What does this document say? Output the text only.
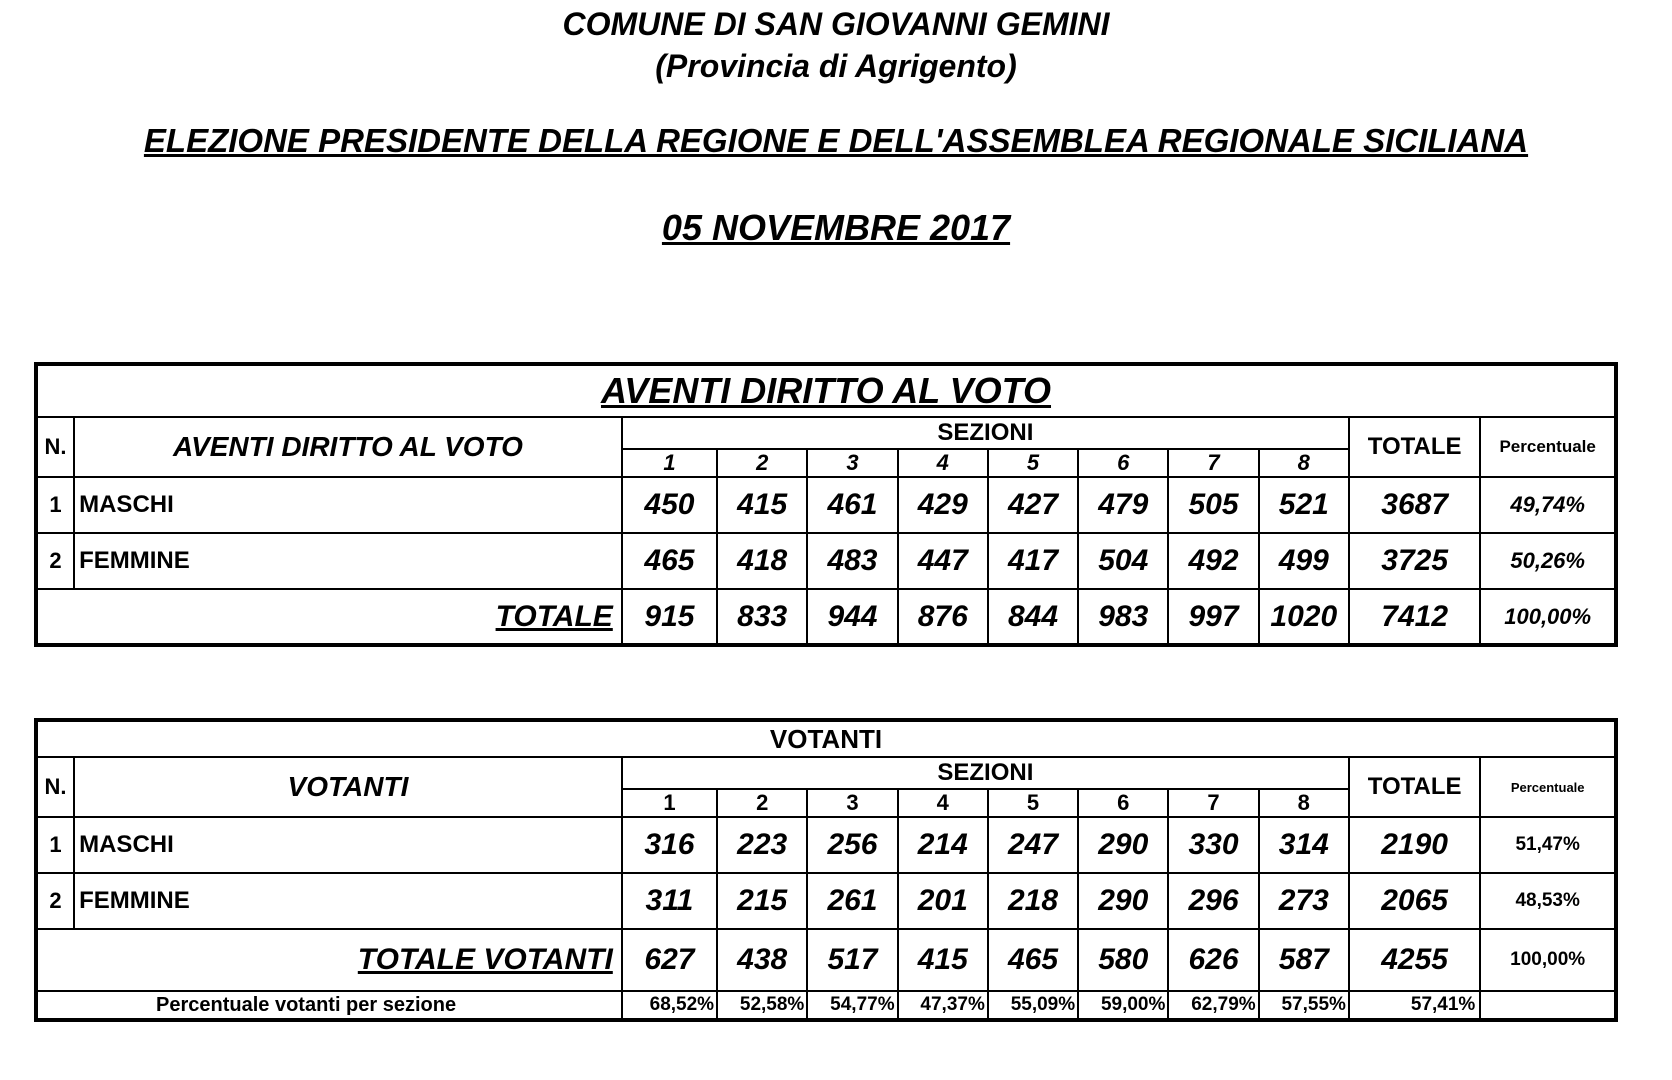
COMUNE DI SAN GIOVANNI GEMINI
(Provincia di Agrigento)
ELEZIONE PRESIDENTE DELLA REGIONE E DELL'ASSEMBLEA REGIONALE SICILIANA
05 NOVEMBRE 2017
AVENTI DIRITTO AL VOTO											
N.	AVENTI DIRITTO AL VOTO	SEZIONI								TOTALE	Percentuale
		1	2	3	4	5	6	7	8		
1	MASCHI	450	415	461	429	427	479	505	521	3687	49,74%
2	FEMMINE	465	418	483	447	417	504	492	499	3725	50,26%
TOTALE		915	833	944	876	844	983	997	1020	7412	100,00%
VOTANTI											
N.	VOTANTI	SEZIONI								TOTALE	Percentuale
		1	2	3	4	5	6	7	8		
1	MASCHI	316	223	256	214	247	290	330	314	2190	51,47%
2	FEMMINE	311	215	261	201	218	290	296	273	2065	48,53%
TOTALE VOTANTI		627	438	517	415	465	580	626	587	4255	100,00%
Percentuale votanti per sezione		68,52%	52,58%	54,77%	47,37%	55,09%	59,00%	62,79%	57,55%	57,41%	
